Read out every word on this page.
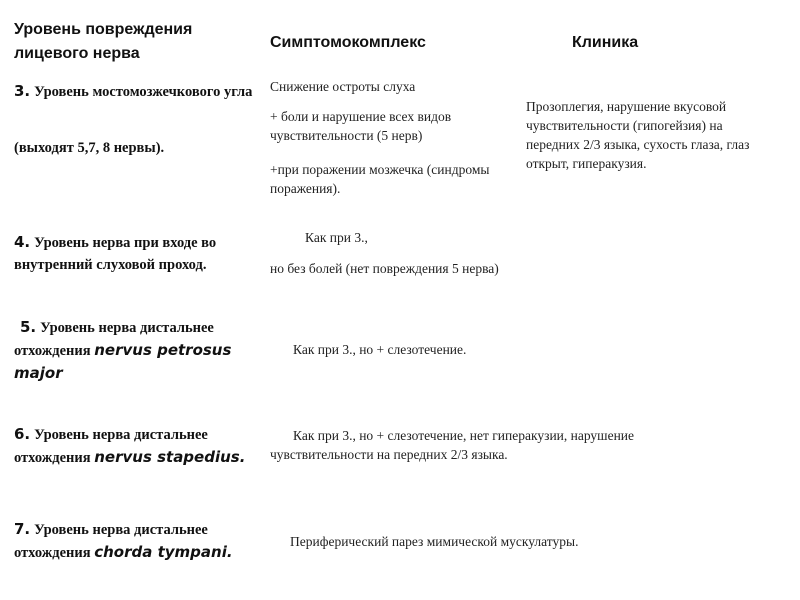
Уровень повреждения лицевого нерва
Симптомокомплекс	Клиника
3. Уровень мостомозжечкового угла
(выходят 5,7, 8 нервы).
Снижение остроты слуха
+ боли и нарушение всех видов чувствительности (5 нерв)
+при поражении мозжечка (синдромы поражения).
Прозоплегия, нарушение вкусовой чувствительности (гипогейзия) на передних 2/3 языка, сухость глаза, глаз открыт, гиперакузия.
4. Уровень нерва при входе во внутренний слуховой проход.
Как при 3.,
но без болей (нет повреждения 5 нерва)
5. Уровень нерва дистальнее отхождения nervus petrosus major
Как при 3., но + слезотечение.
6. Уровень нерва дистальнее отхождения nervus stapedius.
Как при 3., но + слезотечение, нет гиперакузии, нарушение чувствительности на передних 2/3 языка.
7. Уровень нерва дистальнее отхождения chorda tympani.
Периферический парез мимической мускулатуры.
